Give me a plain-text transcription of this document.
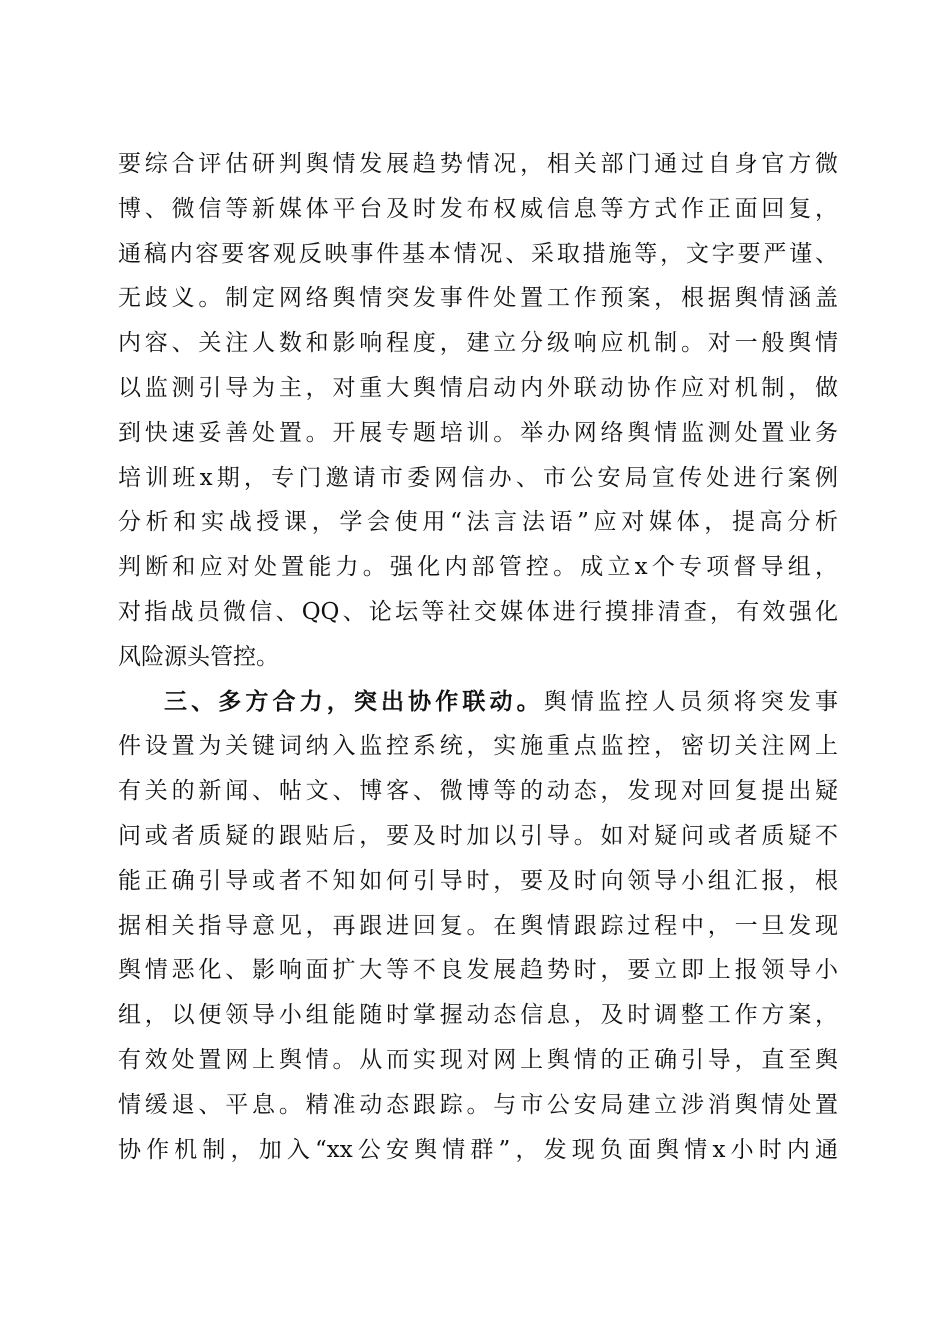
要综合评估研判舆情发展趋势情况，相关部门通过自身官方微
博、微信等新媒体平台及时发布权威信息等方式作正面回复，
通稿内容要客观反映事件基本情况、采取措施等，文字要严谨、
无歧义。制定网络舆情突发事件处置工作预案，根据舆情涵盖
内容、关注人数和影响程度，建立分级响应机制。对一般舆情
以监测引导为主，对重大舆情启动内外联动协作应对机制，做
到快速妥善处置。开展专题培训。举办网络舆情监测处置业务
培训班x期，专门邀请市委网信办、市公安局宣传处进行案例
分析和实战授课，学会使用“法言法语”应对媒体，提高分析
判断和应对处置能力。强化内部管控。成立x个专项督导组，
对指战员微信、QQ、论坛等社交媒体进行摸排清查，有效强化
风险源头管控。
三、多方合力，突出协作联动。舆情监控人员须将突发事
件设置为关键词纳入监控系统，实施重点监控，密切关注网上
有关的新闻、帖文、博客、微博等的动态，发现对回复提出疑
问或者质疑的跟贴后，要及时加以引导。如对疑问或者质疑不
能正确引导或者不知如何引导时，要及时向领导小组汇报，根
据相关指导意见，再跟进回复。在舆情跟踪过程中，一旦发现
舆情恶化、影响面扩大等不良发展趋势时，要立即上报领导小
组，以便领导小组能随时掌握动态信息，及时调整工作方案，
有效处置网上舆情。从而实现对网上舆情的正确引导，直至舆
情缓退、平息。精准动态跟踪。与市公安局建立涉消舆情处置
协作机制，加入“xx公安舆情群”，发现负面舆情x小时内通
